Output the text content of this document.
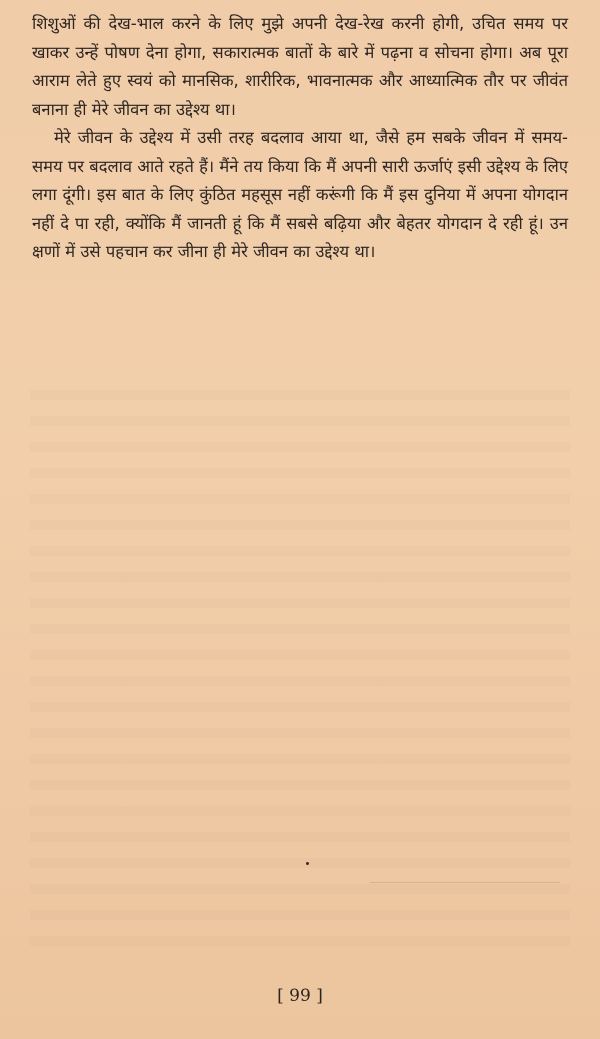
शिशुओं की देख-भाल करने के लिए मुझे अपनी देख-रेख करनी होगी, उचित समय पर खाकर उन्हें पोषण देना होगा, सकारात्मक बातों के बारे में पढ़ना व सोचना होगा। अब पूरा आराम लेते हुए स्वयं को मानसिक, शारीरिक, भावनात्मक और आध्यात्मिक तौर पर जीवंत बनाना ही मेरे जीवन का उद्देश्य था।

मेरे जीवन के उद्देश्य में उसी तरह बदलाव आया था, जैसे हम सबके जीवन में समय-समय पर बदलाव आते रहते हैं। मैंने तय किया कि मैं अपनी सारी ऊर्जाएं इसी उद्देश्य के लिए लगा दूंगी। इस बात के लिए कुंठित महसूस नहीं करूंगी कि मैं इस दुनिया में अपना योगदान नहीं दे पा रही, क्योंकि मैं जानती हूं कि मैं सबसे बढ़िया और बेहतर योगदान दे रही हूं। उन क्षणों में उसे पहचान कर जीना ही मेरे जीवन का उद्देश्य था।

[ 99 ]
